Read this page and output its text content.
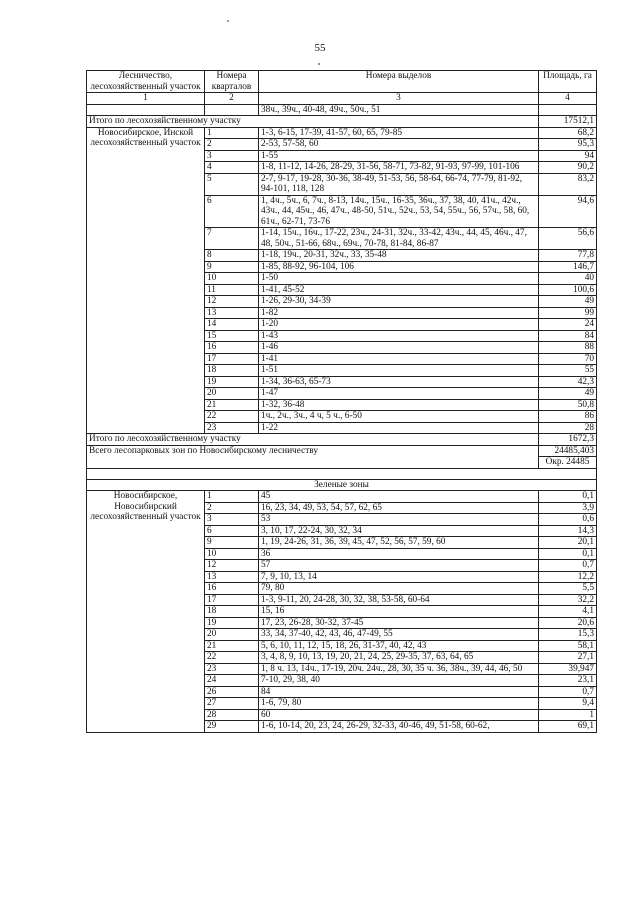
55
Лесничество, лесохозяйственный участок	Номера кварталов	Номера выделов	Площадь, га
1	2	3	4
		38ч., 39ч., 40-48, 49ч., 50ч., 51	
Итого по лесохозяйственному участку			17512,1
Новосибирское, Инской лесохозяйственный участок	1	1-3, 6-15, 17-39, 41-57, 60, 65, 79-85	68,2
	2	2-53, 57-58, 60	95,3
	3	1-55	94
	4	1-8, 11-12, 14-26, 28-29, 31-56, 58-71, 73-82, 91-93, 97-99, 101-106	90,2
	5	2-7, 9-17, 19-28, 30-36, 38-49, 51-53, 56, 58-64, 66-74, 77-79, 81-92, 94-101, 118, 128	83,2
	6	1, 4ч., 5ч., 6, 7ч., 8-13, 14ч., 15ч., 16-35, 36ч., 37, 38, 40, 41ч., 42ч., 43ч., 44, 45ч., 46, 47ч., 48-50, 51ч., 52ч., 53, 54, 55ч., 56, 57ч., 58, 60, 61ч., 62-71, 73-76	94,6
	7	1-14, 15ч., 16ч., 17-22, 23ч., 24-31, 32ч., 33-42, 43ч., 44, 45, 46ч., 47, 48, 50ч., 51-66, 68ч., 69ч., 70-78, 81-84, 86-87	56,6
	8	1-18, 19ч., 20-31, 32ч., 33, 35-48	77,8
	9	1-85, 88-92, 96-104, 106	146,7
	10	1-50	40
	11	1-41, 45-52	100,6
	12	1-26, 29-30, 34-39	49
	13	1-82	99
	14	1-20	24
	15	1-43	84
	16	1-46	88
	17	1-41	70
	18	1-51	55
	19	1-34, 36-63, 65-73	42,3
	20	1-47	49
	21	1-32, 36-48	50,8
	22	1ч., 2ч., 3ч., 4 ч, 5 ч., 6-50	86
	23	1-22	28
Итого по лесохозяйственному участку			1672,3
Всего лесопарковых зон по Новосибирскому лесничеству			24485,403
			Окр. 24485

Зеленые зоны			
Новосибирское, Новосибирский лесохозяйственный участок	1	45	0,1
	2	16, 23, 34, 49, 53, 54, 57, 62, 65	3,9
	3	53	0,6
	6	3, 10, 17, 22-24, 30, 32, 34	14,3
	9	1, 19, 24-26, 31, 36, 39, 45, 47, 52, 56, 57, 59, 60	20,1
	10	36	0,1
	12	57	0,7
	13	7, 9, 10, 13, 14	12,2
	16	79, 80	5,5
	17	1-3, 9-11, 20, 24-28, 30, 32, 38, 53-58, 60-64	32,2
	18	15, 16	4,1
	19	17, 23, 26-28, 30-32, 37-45	20,6
	20	33, 34, 37-40, 42, 43, 46, 47-49, 55	15,3
	21	5, 6, 10, 11, 12, 15, 18, 26, 31-37, 40, 42, 43	58,1
	22	3, 4, 8, 9, 10, 13, 19, 20, 21, 24, 25, 29-35, 37, 63, 64, 65	27,1
	23	1, 8 ч. 13, 14ч., 17-19, 20ч. 24ч., 28, 30, 35 ч. 36, 38ч., 39, 44, 46, 50	39,947
	24	7-10, 29, 38, 40	23,1
	26	84	0,7
	27	1-6, 79, 80	9,4
	28	60	1
	29	1-6, 10-14, 20, 23, 24, 26-29, 32-33, 40-46, 49, 51-58, 60-62,	69,1
